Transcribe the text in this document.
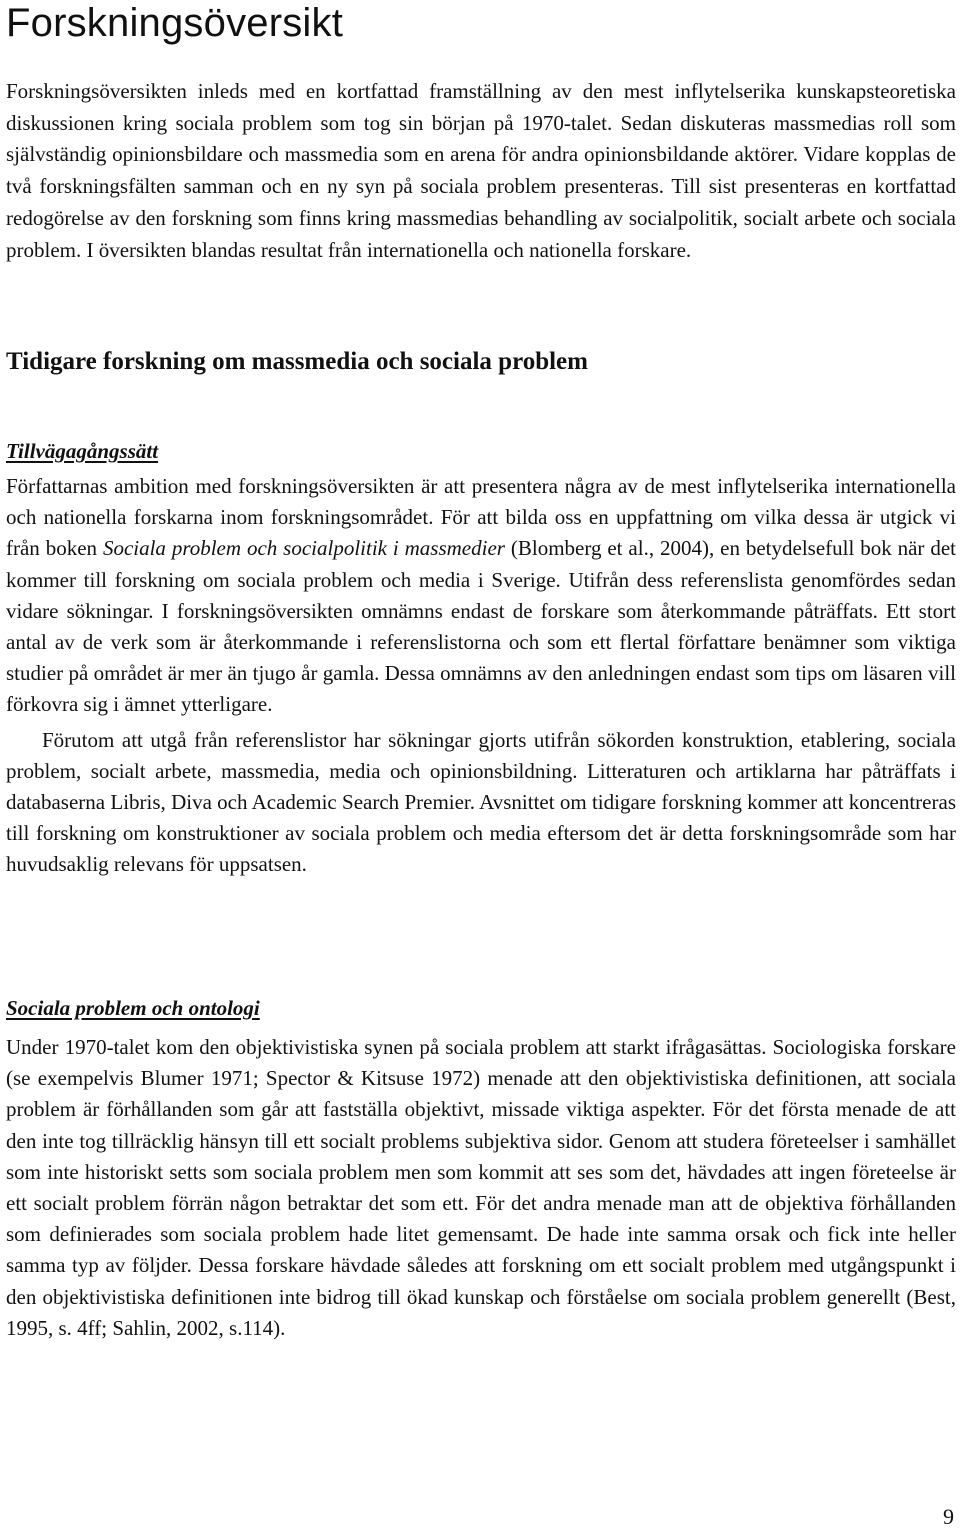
Forskningsöversikt

Forskningsöversikten inleds med en kortfattad framställning av den mest inflytelserika kunskapsteoretiska diskussionen kring sociala problem som tog sin början på 1970-talet. Sedan diskuteras massmedias roll som självständig opinionsbildare och massmedia som en arena för andra opinionsbildande aktörer. Vidare kopplas de två forskningsfälten samman och en ny syn på sociala problem presenteras. Till sist presenteras en kortfattad redogörelse av den forskning som finns kring massmedias behandling av socialpolitik, socialt arbete och sociala problem. I översikten blandas resultat från internationella och nationella forskare.

Tidigare forskning om massmedia och sociala problem
Tillvägagångssätt

Författarnas ambition med forskningsöversikten är att presentera några av de mest inflytelserika internationella och nationella forskarna inom forskningsområdet. För att bilda oss en uppfattning om vilka dessa är utgick vi från boken Sociala problem och socialpolitik i massmedier (Blomberg et al., 2004), en betydelsefull bok när det kommer till forskning om sociala problem och media i Sverige. Utifrån dess referenslista genomfördes sedan vidare sökningar. I forskningsöversikten omnämns endast de forskare som återkommande påträffats. Ett stort antal av de verk som är återkommande i referenslistorna och som ett flertal författare benämner som viktiga studier på området är mer än tjugo år gamla. Dessa omnämns av den anledningen endast som tips om läsaren vill förkovra sig i ämnet ytterligare.

Förutom att utgå från referenslistor har sökningar gjorts utifrån sökorden konstruktion, etablering, sociala problem, socialt arbete, massmedia, media och opinionsbildning. Litteraturen och artiklarna har påträffats i databaserna Libris, Diva och Academic Search Premier. Avsnittet om tidigare forskning kommer att koncentreras till forskning om konstruktioner av sociala problem och media eftersom det är detta forskningsområde som har huvudsaklig relevans för uppsatsen.

Sociala problem och ontologi

Under 1970-talet kom den objektivistiska synen på sociala problem att starkt ifrågasättas. Sociologiska forskare (se exempelvis Blumer 1971; Spector & Kitsuse 1972) menade att den objektivistiska definitionen, att sociala problem är förhållanden som går att fastställa objektivt, missade viktiga aspekter. För det första menade de att den inte tog tillräcklig hänsyn till ett socialt problems subjektiva sidor. Genom att studera företeelser i samhället som inte historiskt setts som sociala problem men som kommit att ses som det, hävdades att ingen företeelse är ett socialt problem förrän någon betraktar det som ett. För det andra menade man att de objektiva förhållanden som definierades som sociala problem hade litet gemensamt. De hade inte samma orsak och fick inte heller samma typ av följder. Dessa forskare hävdade således att forskning om ett socialt problem med utgångspunkt i den objektivistiska definitionen inte bidrog till ökad kunskap och förståelse om sociala problem generellt (Best, 1995, s. 4ff; Sahlin, 2002, s.114).

9
